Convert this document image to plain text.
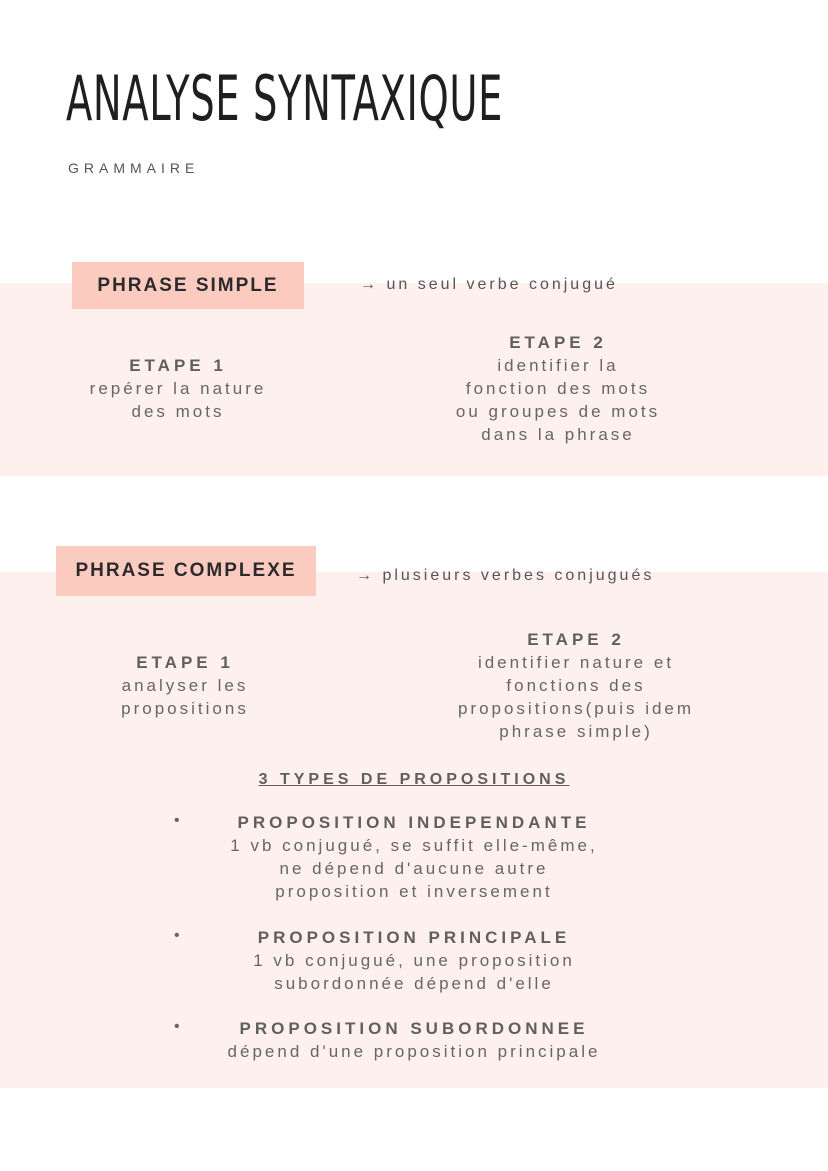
ANALYSE SYNTAXIQUE
GRAMMAIRE
PHRASE SIMPLE	→ un seul verbe conjugué
ETAPE 1
repérer la nature
des mots
ETAPE 2
identifier la
fonction des mots
ou groupes de mots
dans la phrase
PHRASE COMPLEXE	→ plusieurs verbes conjugués
ETAPE 1
analyser les
propositions
ETAPE 2
identifier nature et
fonctions des
propositions(puis idem
phrase simple)
3 TYPES DE PROPOSITIONS
•	PROPOSITION INDEPENDANTE
1 vb conjugué, se suffit elle-même,
ne dépend d'aucune autre
proposition et inversement
•	PROPOSITION PRINCIPALE
1 vb conjugué, une proposition
subordonnée dépend d'elle
•	PROPOSITION SUBORDONNEE
dépend d'une proposition principale
